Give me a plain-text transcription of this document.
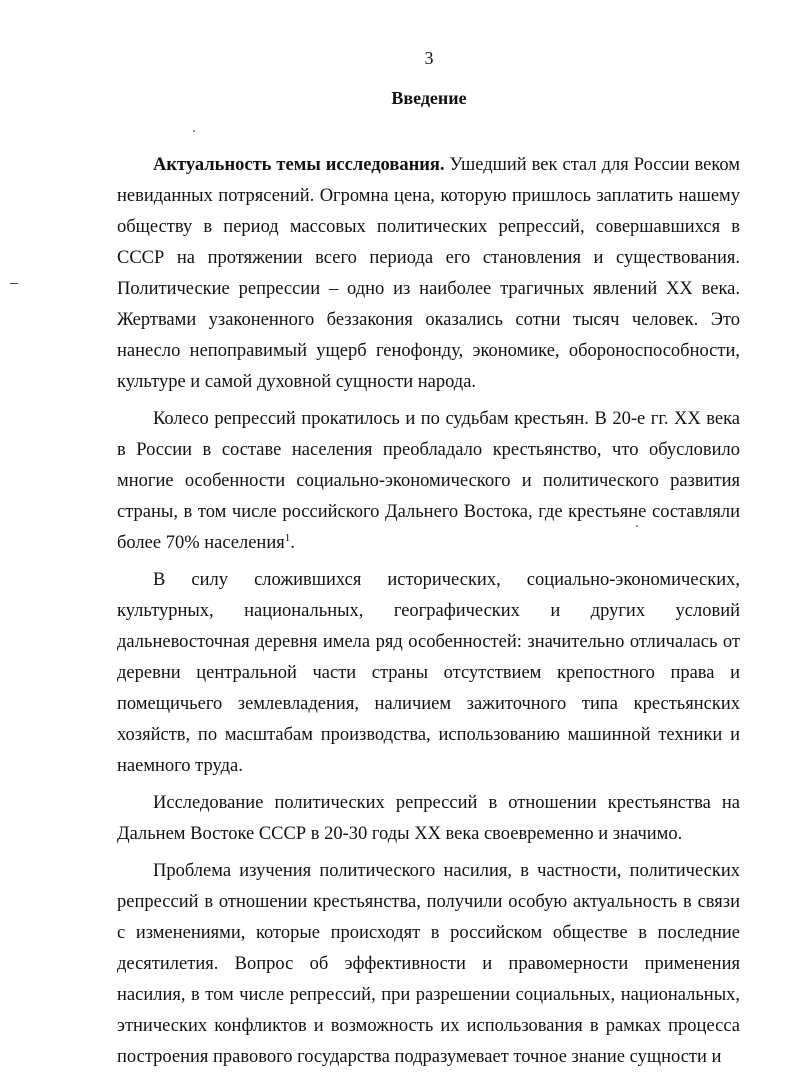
3
Введение

Актуальность темы исследования. Ушедший век стал для России веком невиданных потрясений. Огромна цена, которую пришлось заплатить нашему обществу в период массовых политических репрессий, совершавшихся в СССР на протяжении всего периода его становления и существования. Политические репрессии – одно из наиболее трагичных явлений XX века. Жертвами узаконенного беззакония оказались сотни тысяч человек. Это нанесло непоправимый ущерб генофонду, экономике, обороноспособности, культуре и самой духовной сущности народа.

Колесо репрессий прокатилось и по судьбам крестьян. В 20-е гг. XX века в России в составе населения преобладало крестьянство, что обусловило многие особенности социально-экономического и политического развития страны, в том числе российского Дальнего Востока, где крестьяне составляли более 70% населения$^1$.

В силу сложившихся исторических, социально-экономических, культурных, национальных, географических и других условий дальневосточная деревня имела ряд особенностей: значительно отличалась от деревни центральной части страны отсутствием крепостного права и помещичьего землевладения, наличием зажиточного типа крестьянских хозяйств, по масштабам производства, использованию машинной техники и наемного труда.

Исследование политических репрессий в отношении крестьянства на Дальнем Востоке СССР в 20-30 годы XX века своевременно и значимо.

Проблема изучения политического насилия, в частности, политических репрессий в отношении крестьянства, получили особую актуальность в связи с изменениями, которые происходят в российском обществе в последние десятилетия. Вопрос об эффективности и правомерности применения насилия, в том числе репрессий, при разрешении социальных, национальных, этнических конфликтов и возможность их использования в рамках процесса построения правового государства подразумевает точное знание сущности и
